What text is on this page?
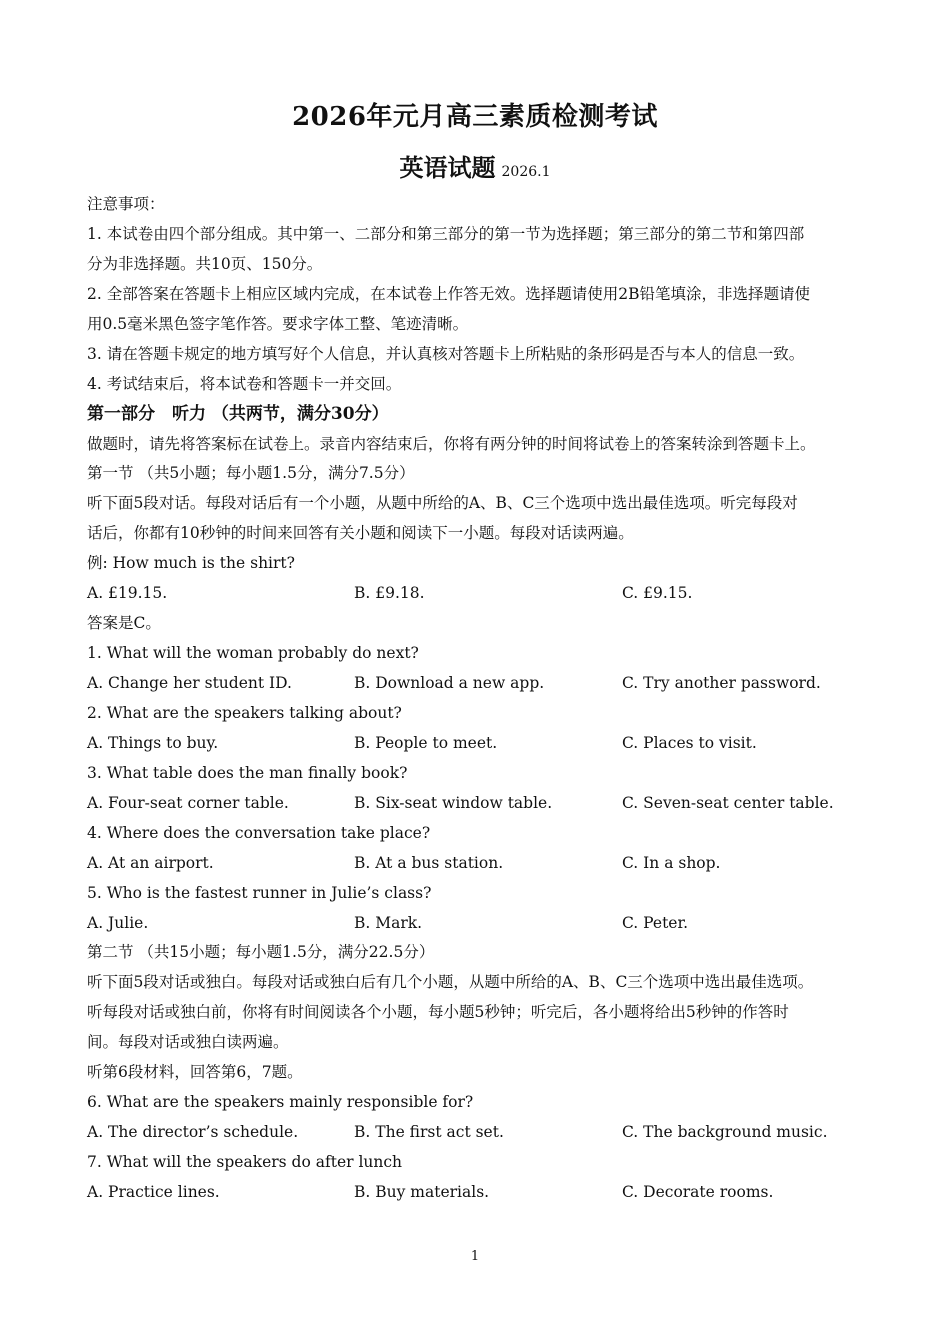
2026年元月高三素质检测考试
英语试题 2026.1
注意事项：
1. 本试卷由四个部分组成。其中第一、二部分和第三部分的第一节为选择题；第三部分的第二节和第四部
分为非选择题。共10页、150分。
2. 全部答案在答题卡上相应区域内完成，在本试卷上作答无效。选择题请使用2B铅笔填涂，非选择题请使
用0.5毫米黑色签字笔作答。要求字体工整、笔迹清晰。
3. 请在答题卡规定的地方填写好个人信息，并认真核对答题卡上所粘贴的条形码是否与本人的信息一致。
4. 考试结束后，将本试卷和答题卡一并交回。
第一部分　听力 （共两节，满分30分）
做题时，请先将答案标在试卷上。录音内容结束后，你将有两分钟的时间将试卷上的答案转涂到答题卡上。
第一节 （共5小题；每小题1.5分，满分7.5分）
听下面5段对话。每段对话后有一个小题，从题中所给的A、B、C三个选项中选出最佳选项。听完每段对
话后，你都有10秒钟的时间来回答有关小题和阅读下一小题。每段对话读两遍。
例: How much is the shirt?
A. £19.15.	B. £9.18.	C. £9.15.
答案是C。
1. What will the woman probably do next?
A. Change her student ID.	B. Download a new app.	C. Try another password.
2. What are the speakers talking about?
A. Things to buy.	B. People to meet.	C. Places to visit.
3. What table does the man finally book?
A. Four-seat corner table.	B. Six-seat window table.	C. Seven-seat center table.
4. Where does the conversation take place?
A. At an airport.	B. At a bus station.	C. In a shop.
5. Who is the fastest runner in Julie’s class?
A. Julie.	B. Mark.	C. Peter.
第二节 （共15小题；每小题1.5分，满分22.5分）
听下面5段对话或独白。每段对话或独白后有几个小题，从题中所给的A、B、C三个选项中选出最佳选项。
听每段对话或独白前，你将有时间阅读各个小题，每小题5秒钟；听完后，各小题将给出5秒钟的作答时
间。每段对话或独白读两遍。
听第6段材料，回答第6，7题。
6. What are the speakers mainly responsible for?
A. The director’s schedule.	B. The first act set.	C. The background music.
7. What will the speakers do after lunch
A. Practice lines.	B. Buy materials.	C. Decorate rooms.
1
